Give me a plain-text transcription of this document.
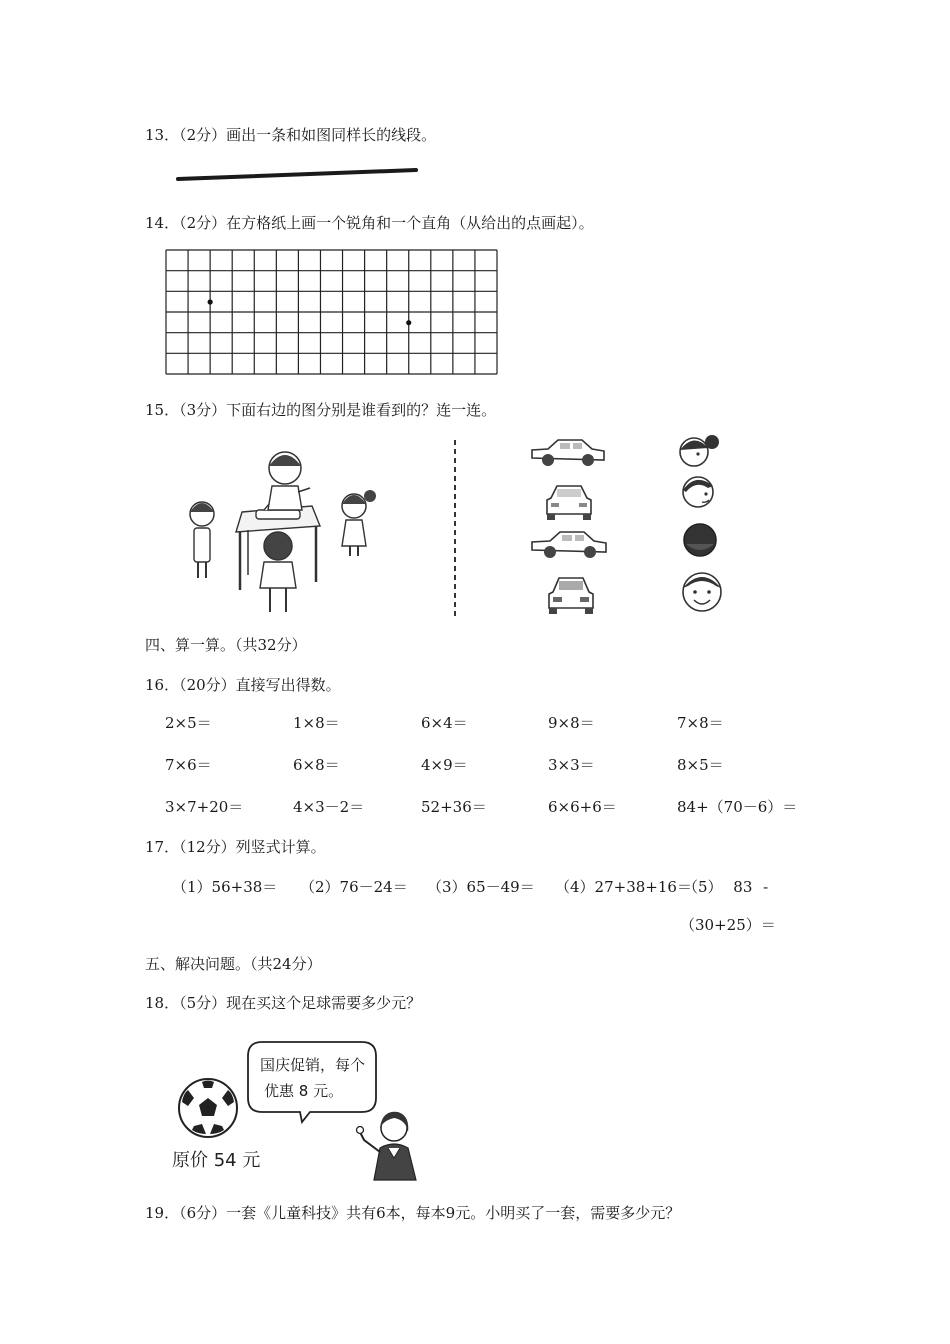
13．（2分）画出一条和如图同样长的线段。
14．（2分）在方格纸上画一个锐角和一个直角（从给出的点画起）。
15．（3分）下面右边的图分别是谁看到的？连一连。
四、算一算。（共32分）
16．（20分）直接写出得数。
2×5＝	1×8＝	6×4＝	9×8＝	7×8＝
7×6＝	6×8＝	4×9＝	3×3＝	8×5＝
3×7+20＝	4×3－2＝	52+36＝	6×6+6＝	84+（70－6）＝
17．（12分）列竖式计算。
（1）56+38＝ （2）76－24＝ （3）65－49＝ （4）27+38+16＝
（5） 83 -
（30+25）＝
五、解决问题。（共24分）
18．（5分）现在买这个足球需要多少元？
原价 54 元
国庆促销，每个
优惠 8 元。
19．（6分）一套《儿童科技》共有6本，每本9元。小明买了一套，需要多少元？
